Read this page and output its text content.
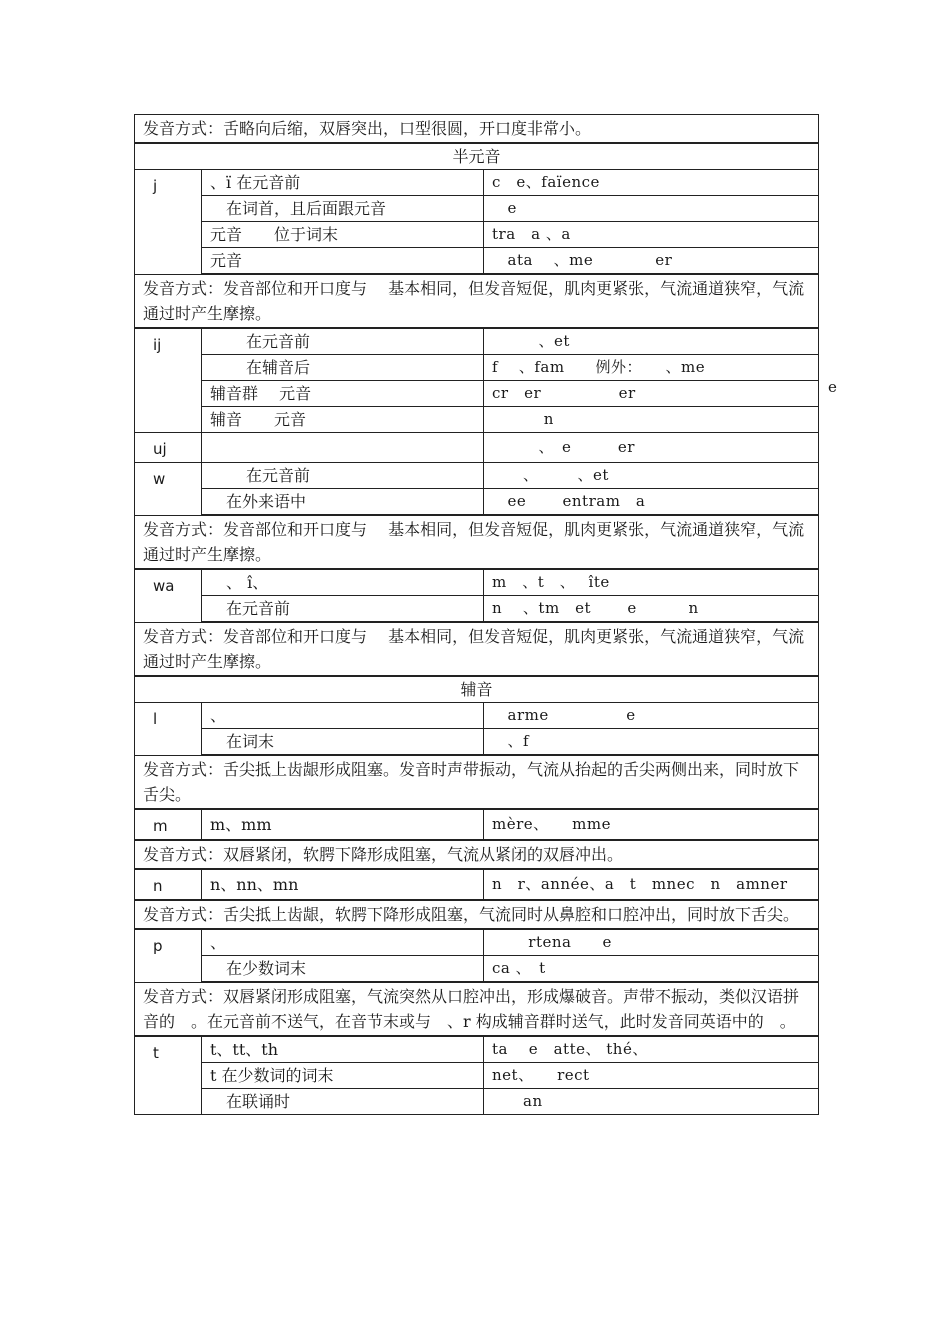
发音方式：舌略向后缩，双唇突出，口型很圆，开口度非常小。		
半元音		
j	、ï 在元音前	c　e、faïence
	在词首，且后面跟元音	　e
	元音　　位于词末	tra　a 、a
	元音	　ata　 、me　　　　er
发音方式：发音部位和开口度与　 基本相同，但发音短促，肌肉更紧张，气流通道狭窄，气流通过时产生摩擦。		
ij	在元音前	　　　、et
	在辅音后	f　 、fam　　例外：　　、me
	辅音群　 元音	cr　er　　　　　er
	辅音　　元音	　　　 n
uj		　　　、　e　　　er
w	在元音前	　　、　　　、et
	在外来语中	　ee　　 entram　a
发音方式：发音部位和开口度与　 基本相同，但发音短促，肌肉更紧张，气流通道狭窄，气流通过时产生摩擦。		
wa	　、 î、	m　、t　、　 îte
	在元音前	n　 、tm　et　　 e　　　 n
发音方式：发音部位和开口度与　 基本相同，但发音短促，肌肉更紧张，气流通道狭窄，气流通过时产生摩擦。		
辅音		
l	、	　arme　　　　　e
	在词末	　、f
发音方式：舌尖抵上齿龈形成阻塞。发音时声带振动，气流从抬起的舌尖两侧出来，同时放下舌尖。		
m	m、mm	mère、　　mme
发音方式：双唇紧闭，软腭下降形成阻塞，气流从紧闭的双唇冲出。		
n	n、nn、mn	n　r、année、a　t　mnec　n　amner
发音方式：舌尖抵上齿龈，软腭下降形成阻塞，气流同时从鼻腔和口腔冲出，同时放下舌尖。		
p	、	　　 rtena　　e
	在少数词末	ca 、　t
发音方式：双唇紧闭形成阻塞，气流突然从口腔冲出，形成爆破音。声带不振动，类似汉语拼音的　。在元音前不送气，在音节末或与　、r 构成辅音群时送气，此时发音同英语中的　。		
t	t、tt、th	ta　 e　atte、 thé、
	t 在少数词的词末	net、　　rect
	在联诵时	　　an
e
